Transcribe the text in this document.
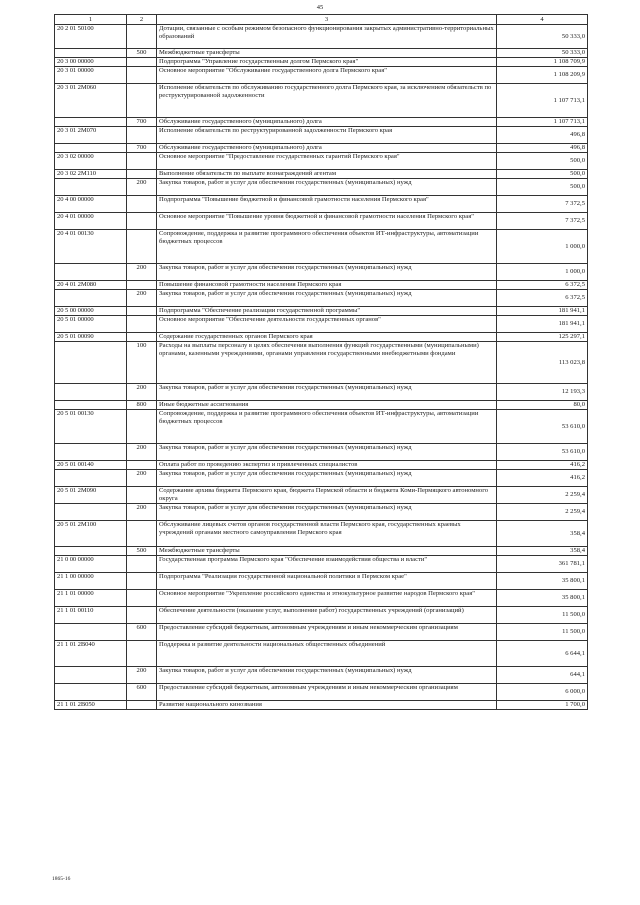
45
1	2	3	4
20 2 01 50100		Дотации, связанные с особым режимом безопасного функционирования закрытых административно-территориальных образований	50 333,0
	500	Межбюджетные трансферты	50 333,0
20 3 00 00000		Подпрограмма "Управление государственным долгом Пермского края"	1 108 709,9
20 3 01 00000		Основное мероприятие "Обслуживание государственного долга Пермского края"	1 108 209,9
20 3 01 2М060		Исполнение обязательств по обслуживанию государственного долга Пермского края, за исключением обязательств по реструктурированной задолженности	1 107 713,1
	700	Обслуживание государственного (муниципального) долга	1 107 713,1
20 3 01 2М070		Исполнение обязательств по реструктурированной задолженности Пермского края	496,8
	700	Обслуживание государственного (муниципального) долга	496,8
20 3 02 00000		Основное мероприятие "Предоставление государственных гарантий Пермского края"	500,0
20 3 02 2М110		Выполнение обязательств по выплате вознаграждений агентам	500,0
	200	Закупка товаров, работ и услуг для обеспечения государственных (муниципальных) нужд	500,0
20 4 00 00000		Подпрограмма "Повышение бюджетной и финансовой грамотности населения Пермского края"	7 372,5
20 4 01 00000		Основное мероприятие "Повышение уровня бюджетной и финансовой грамотности населения Пермского края"	7 372,5
20 4 01 00130		Сопровождение, поддержка и развитие программного обеспечения объектов ИТ-инфраструктуры, автоматизации бюджетных процессов	1 000,0
	200	Закупка товаров, работ и услуг для обеспечения государственных (муниципальных) нужд	1 000,0
20 4 01 2М080		Повышение финансовой грамотности населения Пермского края	6 372,5
	200	Закупка товаров, работ и услуг для обеспечения государственных (муниципальных) нужд	6 372,5
20 5 00 00000		Подпрограмма "Обеспечение реализации государственной программы"	181 941,1
20 5 01 00000		Основное мероприятие "Обеспечение деятельности государственных органов"	181 941,1
20 5 01 00090		Содержание государственных органов Пермского края	125 297,1
	100	Расходы на выплаты персоналу в целях обеспечения выполнения функций государственными (муниципальными) органами, казенными учреждениями, органами управления государственными внебюджетными фондами	113 023,8
	200	Закупка товаров, работ и услуг для обеспечения государственных (муниципальных) нужд	12 193,3
	800	Иные бюджетные ассигнования	80,0
20 5 01 00130		Сопровождение, поддержка и развитие программного обеспечения объектов ИТ-инфраструктуры, автоматизации бюджетных процессов	53 610,0
	200	Закупка товаров, работ и услуг для обеспечения государственных (муниципальных) нужд	53 610,0
20 5 01 00140		Оплата работ по проведению экспертиз и привлеченных специалистов	416,2
	200	Закупка товаров, работ и услуг для обеспечения государственных (муниципальных) нужд	416,2
20 5 01 2М090		Содержание архива бюджета Пермского края, бюджета Пермской области и бюджета Коми-Пермяцкого автономного округа	2 259,4
	200	Закупка товаров, работ и услуг для обеспечения государственных (муниципальных) нужд	2 259,4
20 5 01 2М100		Обслуживание лицевых счетов органов государственной власти Пермского края, государственных краевых учреждений органами местного самоуправления Пермского края	358,4
	500	Межбюджетные трансферты	358,4
21 0 00 00000		Государственная программа Пермского края "Обеспечение взаимодействия общества и власти"	361 781,1
21 1 00 00000		Подпрограмма "Реализация государственной национальной политики в Пермском крае"	35 800,1
21 1 01 00000		Основное мероприятие "Укрепление российского единства и этнокультурное развитие народов Пермского края"	35 800,1
21 1 01 00110		Обеспечение деятельности (оказание услуг, выполнение работ) государственных учреждений (организаций)	11 500,0
	600	Предоставление субсидий бюджетным, автономным учреждениям и иным некоммерческим организациям	11 500,0
21 1 01 2В040		Поддержка и развитие деятельности национальных общественных объединений	6 644,1
	200	Закупка товаров, работ и услуг для обеспечения государственных (муниципальных) нужд	644,1
	600	Предоставление субсидий бюджетным, автономным учреждениям и иным некоммерческим организациям	6 000,0
21 1 01 2В050		Развитие национального кинозвания	1 700,0
1865-16
